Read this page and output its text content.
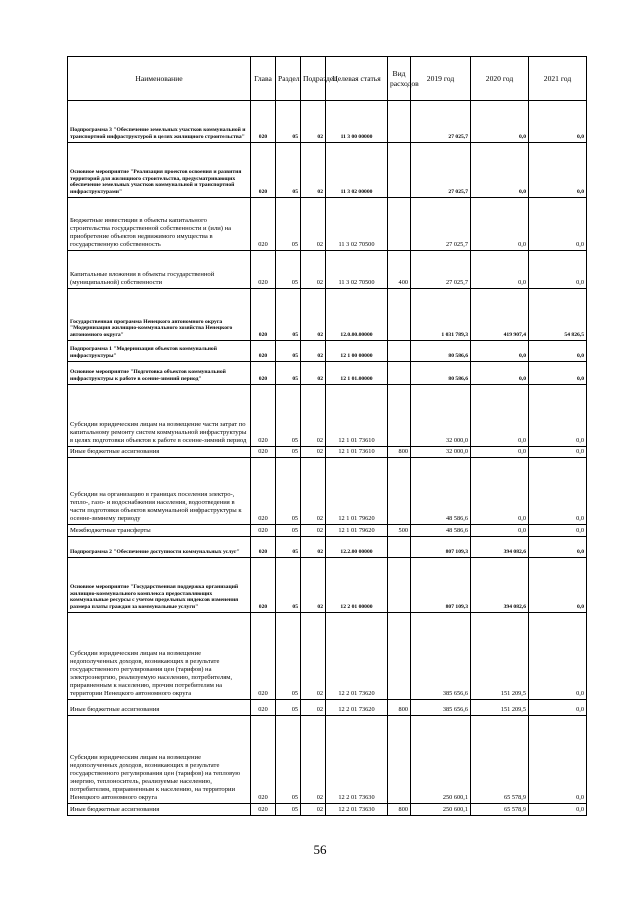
Наименование	Глава	Раздел	Подраздел	Целевая статья	Вид расходов	2019 год	2020 год	2021 год
Подпрограмма 3 "Обеспечение земельных участков коммунальной и транспортной инфраструктурой в целях жилищного строительства"	020	05	02	11 3 00 00000		27 025,7	0,0	0,0
Основное мероприятие "Реализация проектов освоения и развития территорий для жилищного строительства, предусматривающих обеспечение земельных участков коммунальной и транспортной инфраструктурами"	020	05	02	11 3 02 00000		27 025,7	0,0	0,0
Бюджетные инвестиции в объекты капитального строительства государственной собственности и (или) на приобретение объектов недвижимого имущества в государственную собственность	020	05	02	11 3 02 70500		27 025,7	0,0	0,0
Капитальные вложения в объекты государственной (муниципальной) собственности	020	05	02	11 3 02 70500	400	27 025,7	0,0	0,0
Государственная программа Ненецкого автономного округа "Модернизация жилищно-коммунального хозяйства Ненецкого автономного округа"	020	05	02	12.0.00.00000		1 031 789,3	419 907,4	54 826,5
Подпрограмма 1 "Модернизация объектов коммунальной инфраструктуры"	020	05	02	12 1 00 00000		80 586,6	0,0	0,0
Основное мероприятие "Подготовка объектов коммунальной инфраструктуры к работе в осенне-зимний период"	020	05	02	12 1 01.00000		80 586,6	0,0	0,0
Субсидии юридическим лицам на возмещение части затрат по капитальному ремонту систем коммунальной инфраструктуры в целях подготовки объектов к работе в осенне-зимний период	020	05	02	12 1 01 73610		32 000,0	0,0	0,0
Иные бюджетные ассигнования	020	05	02	12 1 01 73610	800	32 000,0	0,0	0,0
Субсидии на организацию в границах поселения электро-, тепло-, газо- и водоснабжения населения, водоотведения в части подготовки объектов коммунальной инфраструктуры к осенне-зимнему периоду	020	05	02	12 1 01 79620		48 586,6	0,0	0,0
Межбюджетные трансферты	020	05	02	12 1 01 79620	500	48 586,6	0,0	0,0
Подпрограмма 2 "Обеспечение доступности коммунальных услуг"	020	05	02	12.2.00 00000		807 109,3	394 082,6	0,0
Основное мероприятие "Государственная поддержка организаций жилищно-коммунального комплекса предоставляющих коммунальные ресурсы с учетом предельных индексов изменения размера платы граждан за коммунальные услуги"	020	05	02	12 2 01 00000		807 109,3	394 082,6	0,0
Субсидии юридическим лицам на возмещение недополученных доходов, возникающих в результате государственного регулирования цен (тарифов) на электроэнергию, реализуемую населению, потребителям, приравненным к населению, прочим потребителям на территории Ненецкого автономного округа	020	05	02	12 2 01 73620		385 656,6	151 209,5	0,0
Иные бюджетные ассигнования	020	05	02	12 2 01 73620	800	385 656,6	151 209,5	0,0
Субсидии юридическим лицам на возмещение недополученных доходов, возникающих в результате государственного регулирования цен (тарифов) на тепловую энергию, теплоноситель, реализуемые населению, потребителям, приравненным к населению, на территории Ненецкого автономного округа	020	05	02	12 2 01 73630		250 600,1	65 578,9	0,0
Иные бюджетные ассигнования	020	05	02	12 2 01 73630	800	250 600,1	65 578,9	0,0
56
